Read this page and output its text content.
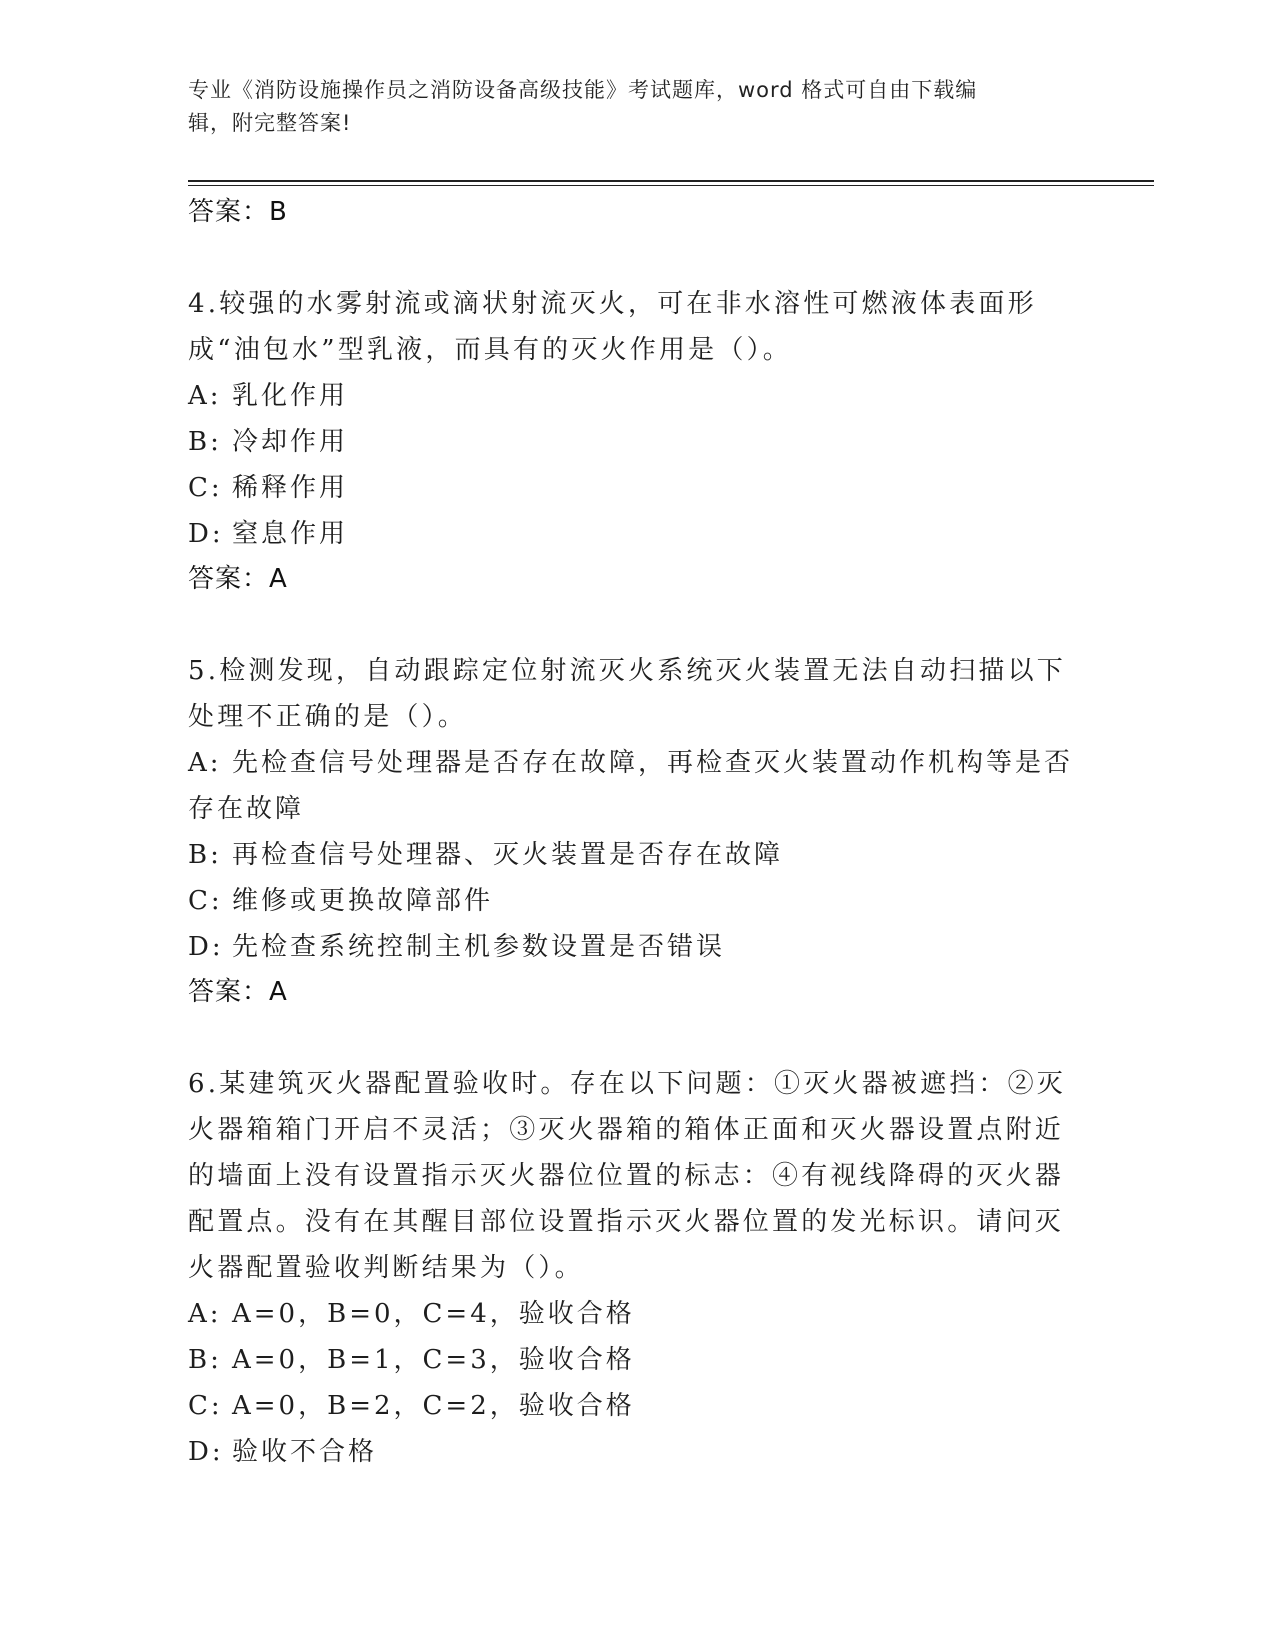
专业《消防设施操作员之消防设备高级技能》考试题库，word 格式可自由下载编
辑，附完整答案!
答案：B
4.较强的水雾射流或滴状射流灭火，可在非水溶性可燃液体表面形成“油包水”型乳液，而具有的灭火作用是（）。
A: 乳化作用
B: 冷却作用
C: 稀释作用
D: 窒息作用
答案：A
5.检测发现，自动跟踪定位射流灭火系统灭火装置无法自动扫描以下处理不正确的是（）。
A: 先检查信号处理器是否存在故障，再检查灭火装置动作机构等是否存在故障
B: 再检查信号处理器、灭火装置是否存在故障
C: 维修或更换故障部件
D: 先检查系统控制主机参数设置是否错误
答案：A
6.某建筑灭火器配置验收时。存在以下问题：①灭火器被遮挡：②灭火器箱箱门开启不灵活；③灭火器箱的箱体正面和灭火器设置点附近的墙面上没有设置指示灭火器位位置的标志：④有视线降碍的灭火器配置点。没有在其醒目部位设置指示灭火器位置的发光标识。请问灭火器配置验收判断结果为（）。
A: A=0，B=0，C=4，验收合格
B: A=0，B=1，C=3，验收合格
C: A=0，B=2，C=2，验收合格
D: 验收不合格
